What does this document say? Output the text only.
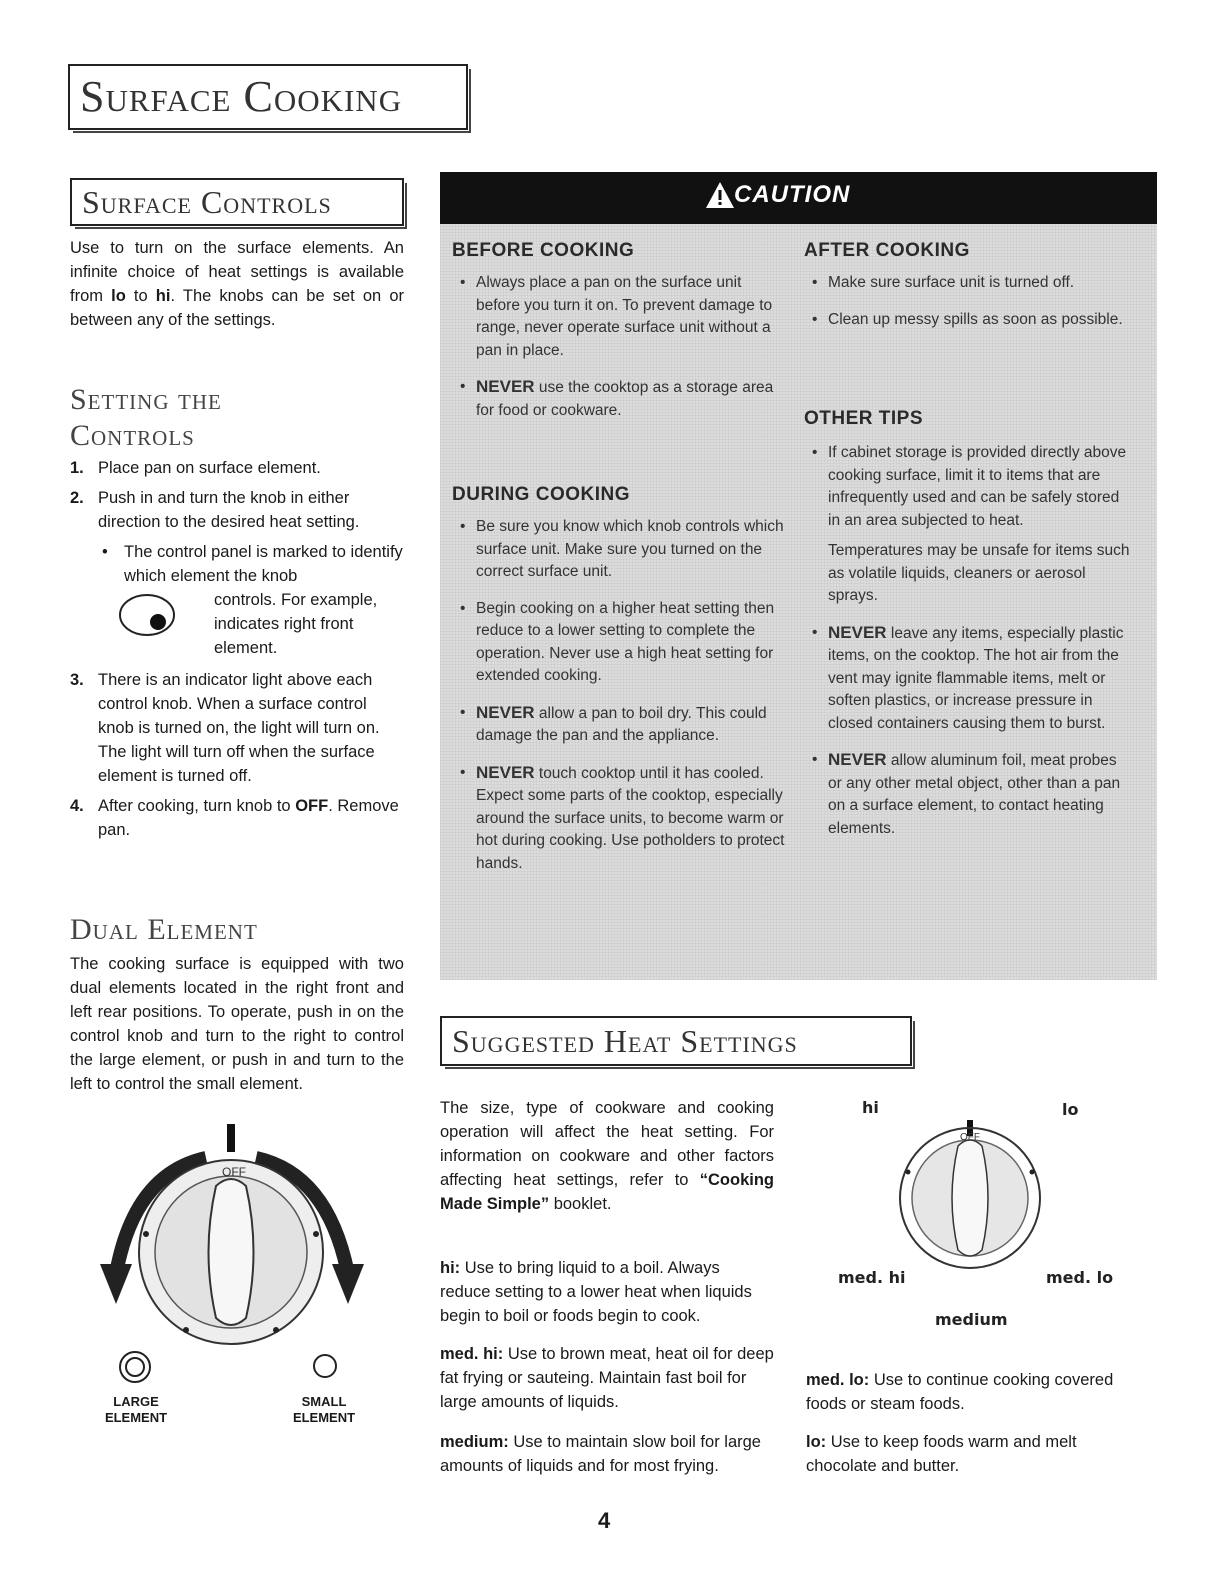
Surface Cooking
Surface Controls
Use to turn on the surface elements. An infinite choice of heat settings is available from lo to hi. The knobs can be set on or between any of the settings.
Setting the
Controls
1. Place pan on surface element.
2. Push in and turn the knob in either direction to the desired heat setting.
• The control panel is marked to identify which element the knob
controls. For example,
indicates right front
element.
3. There is an indicator light above each control knob. When a surface control knob is turned on, the light will turn on. The light will turn off when the surface element is turned off.
4. After cooking, turn knob to OFF. Remove pan.
Dual Element
The cooking surface is equipped with two dual elements located in the right front and left rear positions. To operate, push in on the control knob and turn to the right to control the large element, or push in and turn to the left to control the small element.
OFF
LARGE
ELEMENT
SMALL
ELEMENT
CAUTION
BEFORE COOKING
• Always place a pan on the surface unit before you turn it on. To prevent damage to range, never operate surface unit without a pan in place.
• NEVER use the cooktop as a storage area for food or cookware.
DURING COOKING
• Be sure you know which knob controls which surface unit. Make sure you turned on the correct surface unit.
• Begin cooking on a higher heat setting then reduce to a lower setting to complete the operation. Never use a high heat setting for extended cooking.
• NEVER allow a pan to boil dry. This could damage the pan and the appliance.
• NEVER touch cooktop until it has cooled. Expect some parts of the cooktop, especially around the surface units, to become warm or hot during cooking. Use potholders to protect hands.
AFTER COOKING
• Make sure surface unit is turned off.
• Clean up messy spills as soon as possible.
OTHER TIPS
• If cabinet storage is provided directly above cooking surface, limit it to items that are infrequently used and can be safely stored in an area subjected to heat.
Temperatures may be unsafe for items such as volatile liquids, cleaners or aerosol sprays.
• NEVER leave any items, especially plastic items, on the cooktop. The hot air from the vent may ignite flammable items, melt or soften plastics, or increase pressure in closed containers causing them to burst.
• NEVER allow aluminum foil, meat probes or any other metal object, other than a pan on a surface element, to contact heating elements.
Suggested Heat Settings
The size, type of cookware and cooking operation will affect the heat setting. For information on cookware and other factors affecting heat settings, refer to “Cooking Made Simple” booklet.
hi: Use to bring liquid to a boil. Always reduce setting to a lower heat when liquids begin to boil or foods begin to cook.
med. hi: Use to brown meat, heat oil for deep fat frying or sauteing. Maintain fast boil for large amounts of liquids.
medium: Use to maintain slow boil for large amounts of liquids and for most frying.
OFF
hi	lo
med. hi	med. lo
medium
med. lo: Use to continue cooking covered foods or steam foods.
lo: Use to keep foods warm and melt chocolate and butter.
4
